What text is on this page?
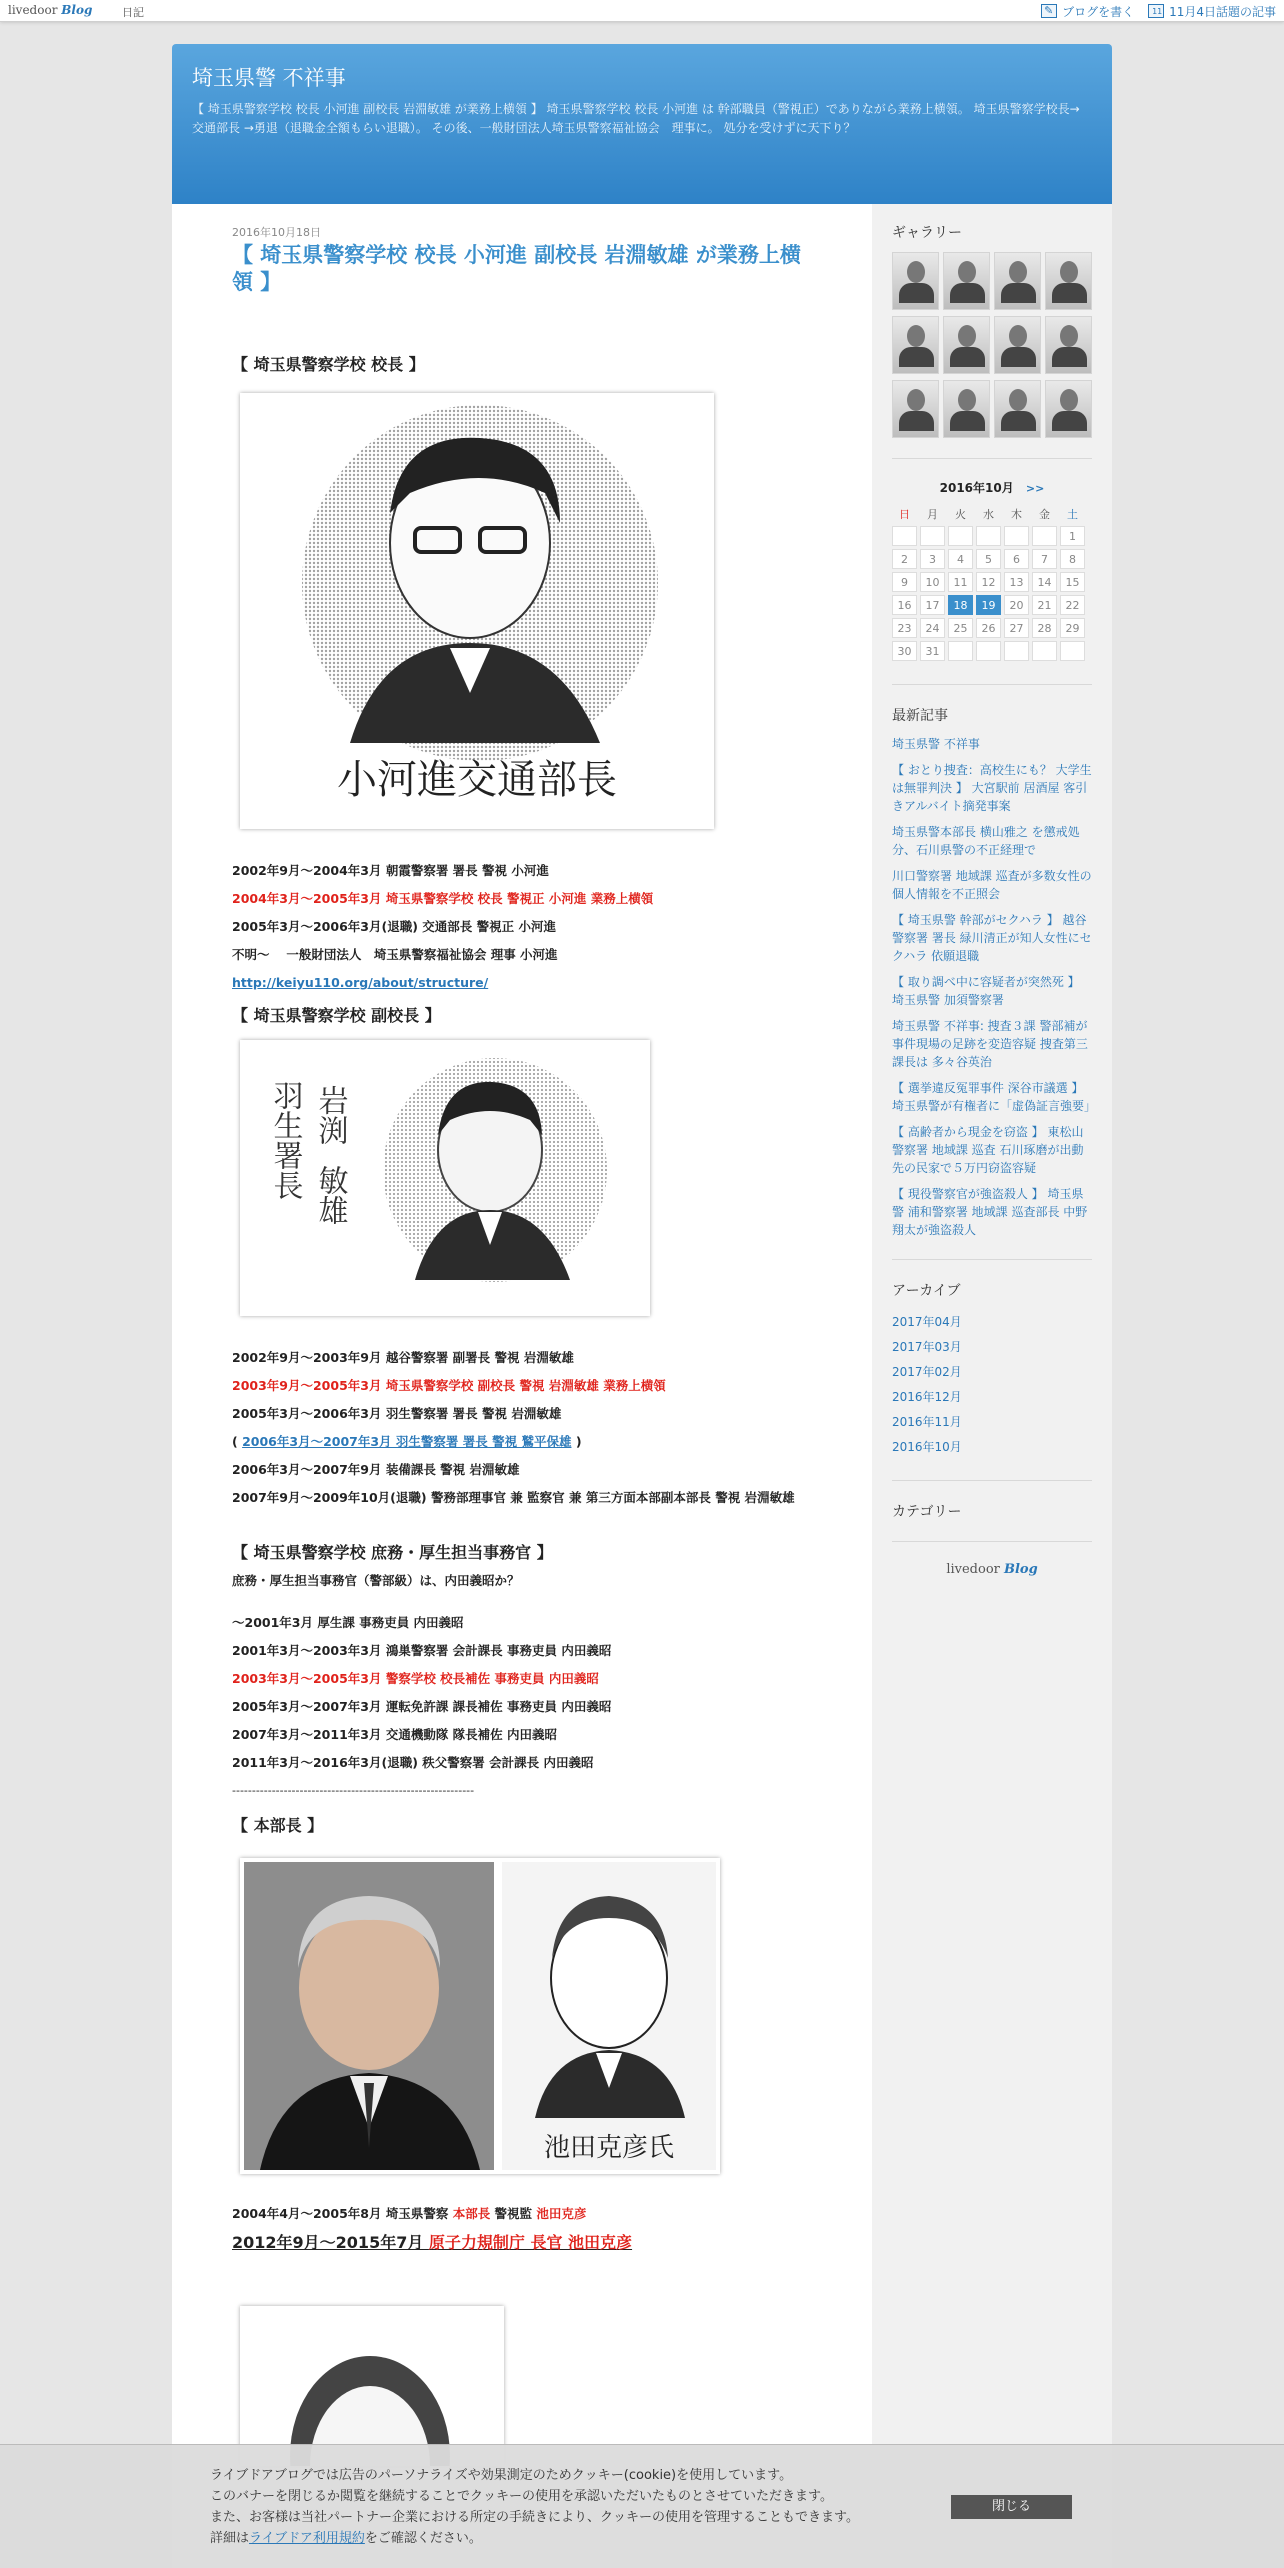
livedoor Blog	日記 ✎	ブログを書く 11	11月4日話題の記事
埼玉県警 不祥事

【 埼玉県警察学校 校長 小河進 副校長 岩淵敏雄 が業務上横領 】 埼玉県警察学校 校長 小河進 は 幹部職員（警視正）でありながら業務上横領。 埼玉県警察学校長→ 交通部長 →勇退（退職金全額もらい退職）。 その後、一般財団法人埼玉県警察福祉協会　理事に。 処分を受けずに天下り？

2016年10月18日
【 埼玉県警察学校 校長 小河進 副校長 岩淵敏雄 が業務上横領 】
【 埼玉県警察学校 校長 】
小河進交通部長
2002年9月～2004年3月 朝霞警察署 署長 警視 小河進
2004年3月～2005年3月 埼玉県警察学校 校長 警視正 小河進 業務上横領
2005年3月～2006年3月(退職) 交通部長 警視正 小河進
不明～　 一般財団法人　埼玉県警察福祉協会 理事 小河進
http://keiyu110.org/about/structure/
【 埼玉県警察学校 副校長 】
岩渕
敏雄
羽生署長
2002年9月～2003年9月 越谷警察署 副署長 警視 岩淵敏雄
2003年9月～2005年3月 埼玉県警察学校 副校長 警視 岩淵敏雄 業務上横領
2005年3月～2006年3月 羽生警察署 署長 警視 岩淵敏雄
( 2006年3月～2007年3月 羽生警察署 署長 警視 鷲平保雄 )
2006年3月～2007年9月 装備課長 警視 岩淵敏雄
2007年9月～2009年10月(退職) 警務部理事官 兼 監察官 兼 第三方面本部副本部長 警視 岩淵敏雄
【 埼玉県警察学校 庶務・厚生担当事務官 】
庶務・厚生担当事務官（警部級）は、内田義昭か？
～2001年3月 厚生課 事務吏員 内田義昭
2001年3月～2003年3月 鴻巣警察署 会計課長 事務吏員 内田義昭
2003年3月～2005年3月 警察学校 校長補佐 事務吏員 内田義昭
2005年3月～2007年3月 運転免許課 課長補佐 事務吏員 内田義昭
2007年3月～2011年3月 交通機動隊 隊長補佐 内田義昭
2011年3月～2016年3月(退職) 秩父警察署 会計課長 内田義昭
-------------------------------------------------------------
【 本部長 】
池田克彦氏
2004年4月～2005年8月 埼玉県警察 本部長 警視監 池田克彦
2012年9月～2015年7月 原子力規制庁 長官 池田克彦
ギャラリー
2016年10月 >>
日	月	火	水	木	金	土
						1
2	3	4	5	6	7	8
9	10	11	12	13	14	15
16	17	18	19	20	21	22
23	24	25	26	27	28	29
30	31					
最新記事
埼玉県警 不祥事
【 おとり捜査：高校生にも？ 大学生は無罪判決 】 大宮駅前 居酒屋 客引きアルバイト摘発事案
埼玉県警本部長 横山雅之 を懲戒処分、石川県警の不正経理で
川口警察署 地域課 巡査が多数女性の個人情報を不正照会
【 埼玉県警 幹部がセクハラ 】 越谷警察署 署長 緑川清正が知人女性にセクハラ 依願退職
【 取り調べ中に容疑者が突然死 】 埼玉県警 加須警察署
埼玉県警 不祥事: 捜査３課 警部補が事件現場の足跡を変造容疑 捜査第三課長は 多々谷英治
【 選挙違反冤罪事件 深谷市議選 】 埼玉県警が有権者に「虚偽証言強要」
【 高齢者から現金を窃盗 】 東松山警察署 地域課 巡査 石川琢磨が出動先の民家で５万円窃盗容疑
【 現役警察官が強盗殺人 】 埼玉県警 浦和警察署 地域課 巡査部長 中野翔太が強盗殺人
アーカイブ
2017年04月
2017年03月
2017年02月
2016年12月
2016年11月
2016年10月
カテゴリー
livedoor Blog
ライブドアブログでは広告のパーソナライズや効果測定のためクッキー(cookie)を使用しています。
このバナーを閉じるか閲覧を継続することでクッキーの使用を承認いただいたものとさせていただきます。
また、お客様は当社パートナー企業における所定の手続きにより、クッキーの使用を管理することもできます。
詳細はライブドア利用規約をご確認ください。
閉じる
